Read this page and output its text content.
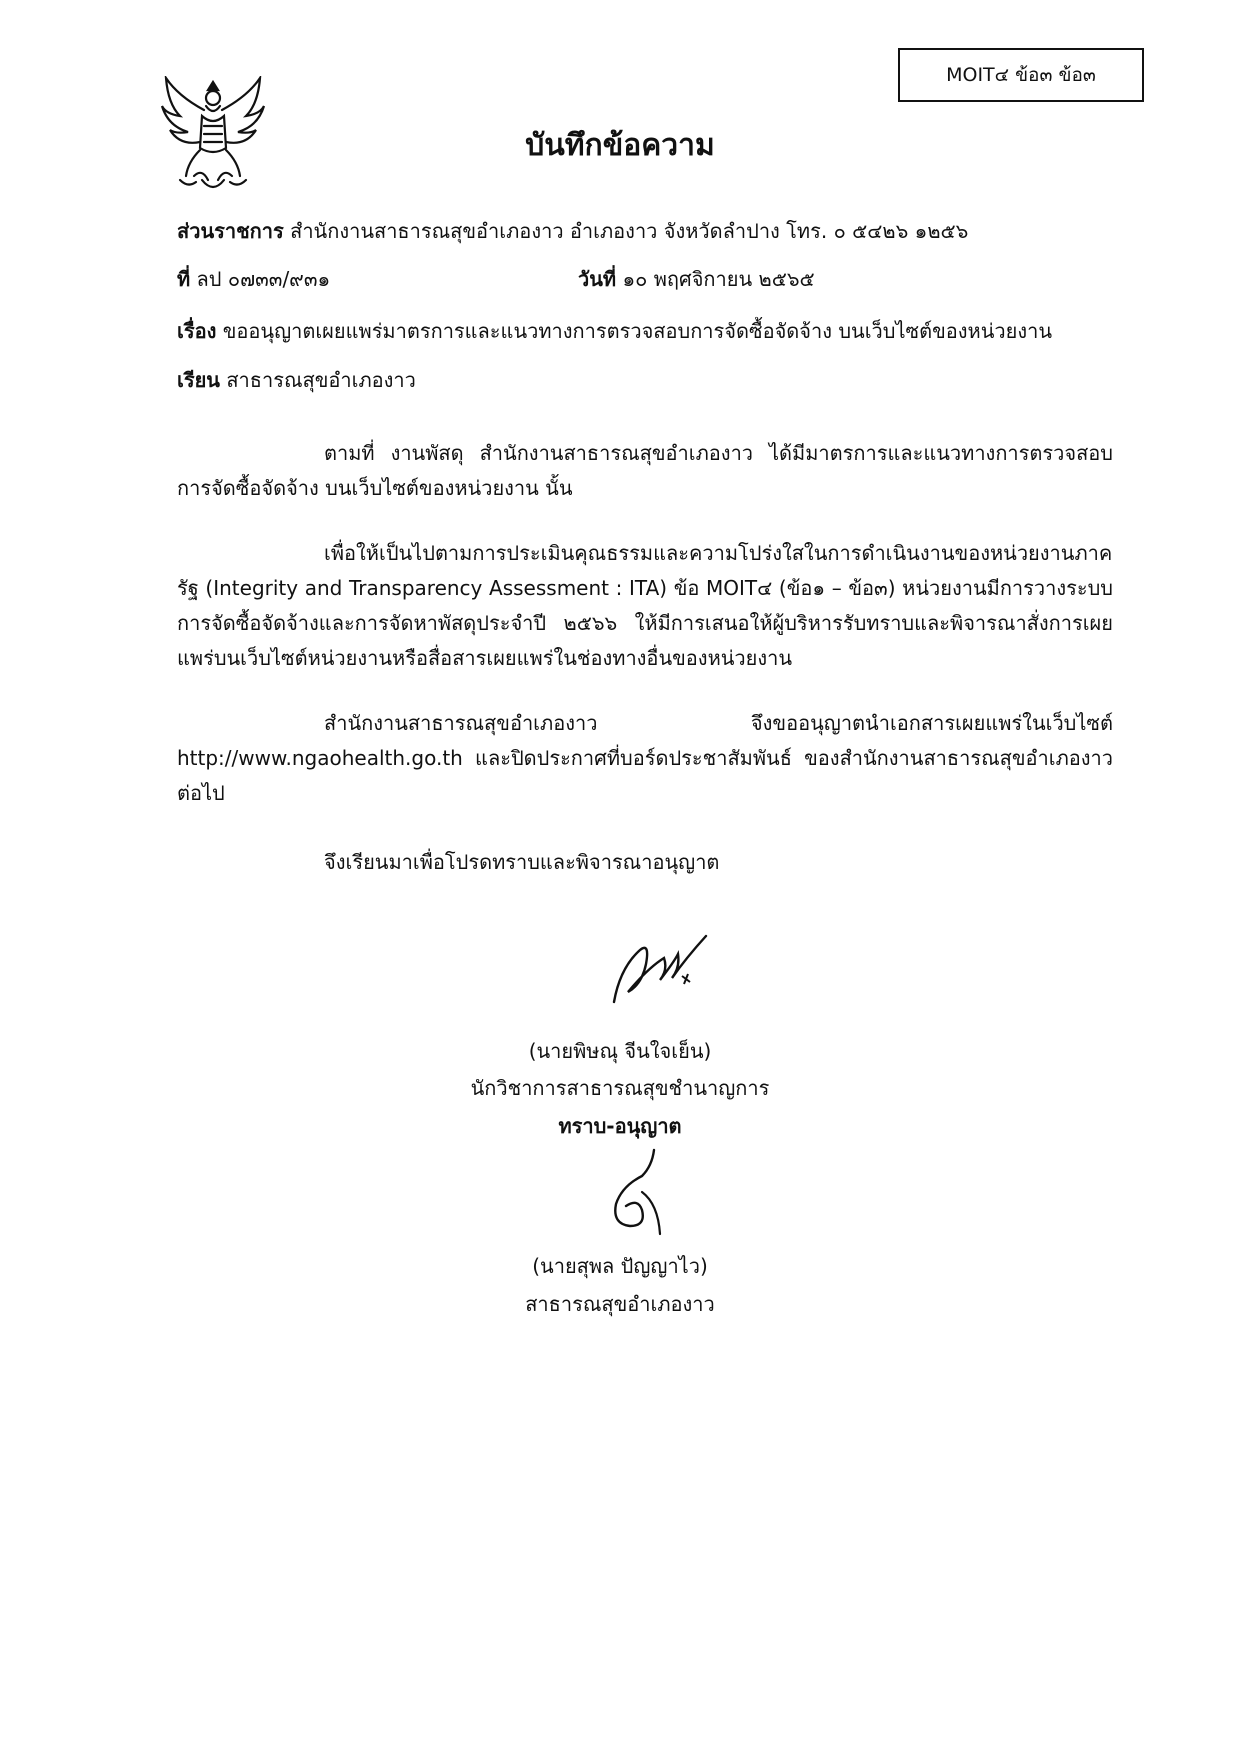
MOIT๔ ข้อ๓ ข้อ๓
บันทึกข้อความ
ส่วนราชการ สำนักงานสาธารณสุขอำเภองาว อำเภองาว จังหวัดลำปาง โทร. ๐ ๕๔๒๖ ๑๒๕๖
ที่ ลป ๐๗๓๓/๙๓๑	วันที่ ๑๐ พฤศจิกายน ๒๕๖๕
เรื่อง ขออนุญาตเผยแพร่มาตรการและแนวทางการตรวจสอบการจัดซื้อจัดจ้าง บนเว็บไซต์ของหน่วยงาน
เรียน สาธารณสุขอำเภองาว
ตามที่ งานพัสดุ สำนักงานสาธารณสุขอำเภองาว ได้มีมาตรการและแนวทางการตรวจสอบการจัดซื้อจัดจ้าง บนเว็บไซต์ของหน่วยงาน นั้น
เพื่อให้เป็นไปตามการประเมินคุณธรรมและความโปร่งใสในการดำเนินงานของหน่วยงานภาครัฐ (Integrity and Transparency Assessment : ITA) ข้อ MOIT๔ (ข้อ๑ – ข้อ๓) หน่วยงานมีการวางระบบการจัดซื้อจัดจ้างและการจัดหาพัสดุประจำปี ๒๕๖๖ ให้มีการเสนอให้ผู้บริหารรับทราบและพิจารณาสั่งการเผยแพร่บนเว็บไซต์หน่วยงานหรือสื่อสารเผยแพร่ในช่องทางอื่นของหน่วยงาน
สำนักงานสาธารณสุขอำเภองาว จึงขออนุญาตนำเอกสารเผยแพร่ในเว็บไซต์ http://www.ngaohealth.go.th และปิดประกาศที่บอร์ดประชาสัมพันธ์ ของสำนักงานสาธารณสุขอำเภองาวต่อไป
จึงเรียนมาเพื่อโปรดทราบและพิจารณาอนุญาต
(นายพิษณุ จีนใจเย็น)
นักวิชาการสาธารณสุขชำนาญการ
ทราบ-อนุญาต
(นายสุพล ปัญญาไว)
สาธารณสุขอำเภองาว
